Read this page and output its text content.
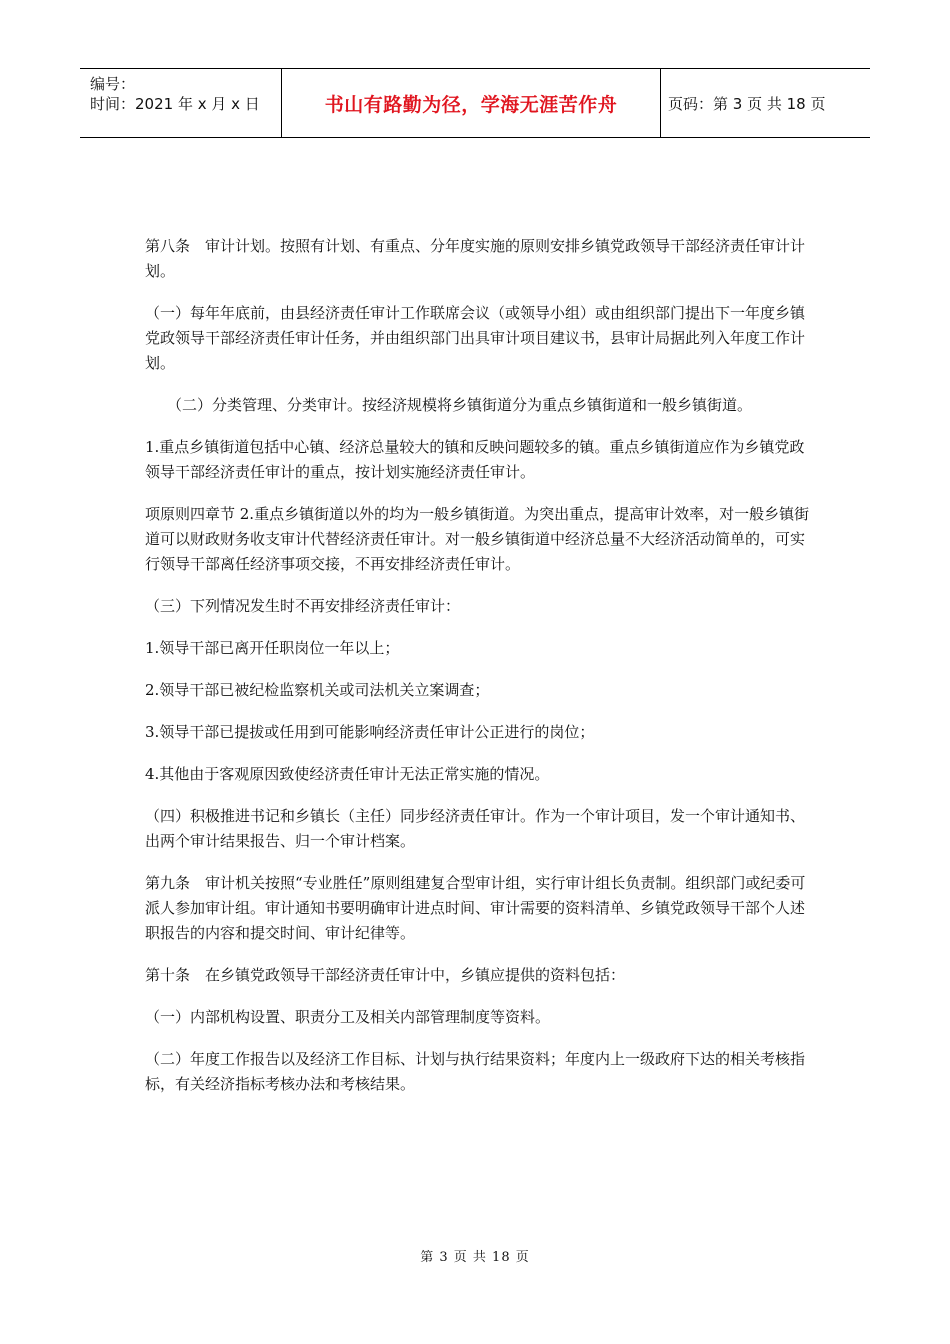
编号：
时间：2021 年 x 月 x 日	书山有路勤为径，学海无涯苦作舟	页码：第 3 页 共 18 页

第八条　审计计划。按照有计划、有重点、分年度实施的原则安排乡镇党政领导干部经济责任审计计划。

（一）每年年底前，由县经济责任审计工作联席会议（或领导小组）或由组织部门提出下一年度乡镇党政领导干部经济责任审计任务，并由组织部门出具审计项目建议书，县审计局据此列入年度工作计划。

（二）分类管理、分类审计。按经济规模将乡镇街道分为重点乡镇街道和一般乡镇街道。

1.重点乡镇街道包括中心镇、经济总量较大的镇和反映问题较多的镇。重点乡镇街道应作为乡镇党政领导干部经济责任审计的重点，按计划实施经济责任审计。

项原则四章节 2.重点乡镇街道以外的均为一般乡镇街道。为突出重点，提高审计效率，对一般乡镇街道可以财政财务收支审计代替经济责任审计。对一般乡镇街道中经济总量不大经济活动简单的，可实行领导干部离任经济事项交接，不再安排经济责任审计。

（三）下列情况发生时不再安排经济责任审计：

1.领导干部已离开任职岗位一年以上；

2.领导干部已被纪检监察机关或司法机关立案调查；

3.领导干部已提拔或任用到可能影响经济责任审计公正进行的岗位；

4.其他由于客观原因致使经济责任审计无法正常实施的情况。

（四）积极推进书记和乡镇长（主任）同步经济责任审计。作为一个审计项目，发一个审计通知书、出两个审计结果报告、归一个审计档案。

第九条　审计机关按照“专业胜任”原则组建复合型审计组，实行审计组长负责制。组织部门或纪委可派人参加审计组。审计通知书要明确审计进点时间、审计需要的资料清单、乡镇党政领导干部个人述职报告的内容和提交时间、审计纪律等。

第十条　在乡镇党政领导干部经济责任审计中，乡镇应提供的资料包括：

（一）内部机构设置、职责分工及相关内部管理制度等资料。

（二）年度工作报告以及经济工作目标、计划与执行结果资料；年度内上一级政府下达的相关考核指标，有关经济指标考核办法和考核结果。

第 3 页 共 18 页
